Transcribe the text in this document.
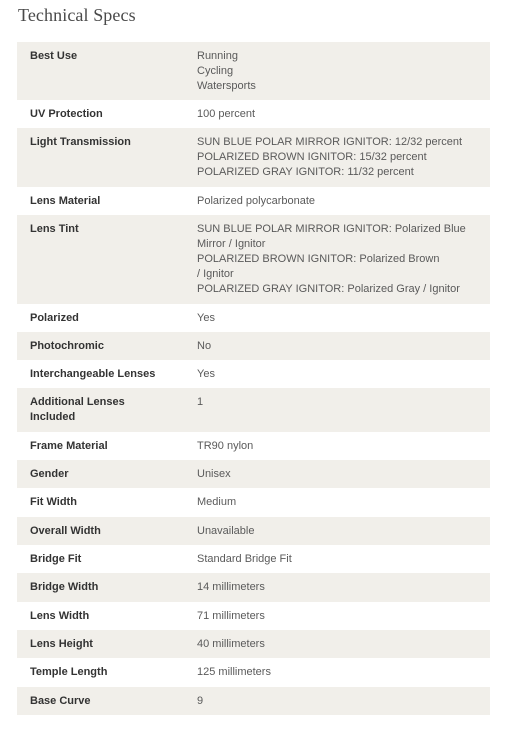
Technical Specs
Best Use	Running
Cycling
Watersports

UV Protection	100 percent

Light Transmission	SUN BLUE POLAR MIRROR IGNITOR: 12/32 percent
POLARIZED BROWN IGNITOR: 15/32 percent
POLARIZED GRAY IGNITOR: 11/32 percent

Lens Material	Polarized polycarbonate

Lens Tint	SUN BLUE POLAR MIRROR IGNITOR: Polarized Blue
Mirror / Ignitor
POLARIZED BROWN IGNITOR: Polarized Brown
/ Ignitor
POLARIZED GRAY IGNITOR: Polarized Gray / Ignitor

Polarized	Yes

Photochromic	No

Interchangeable Lenses	Yes

Additional Lenses
Included	1

Frame Material	TR90 nylon

Gender	Unisex

Fit Width	Medium

Overall Width	Unavailable

Bridge Fit	Standard Bridge Fit

Bridge Width	14 millimeters

Lens Width	71 millimeters

Lens Height	40 millimeters

Temple Length	125 millimeters

Base Curve	9
